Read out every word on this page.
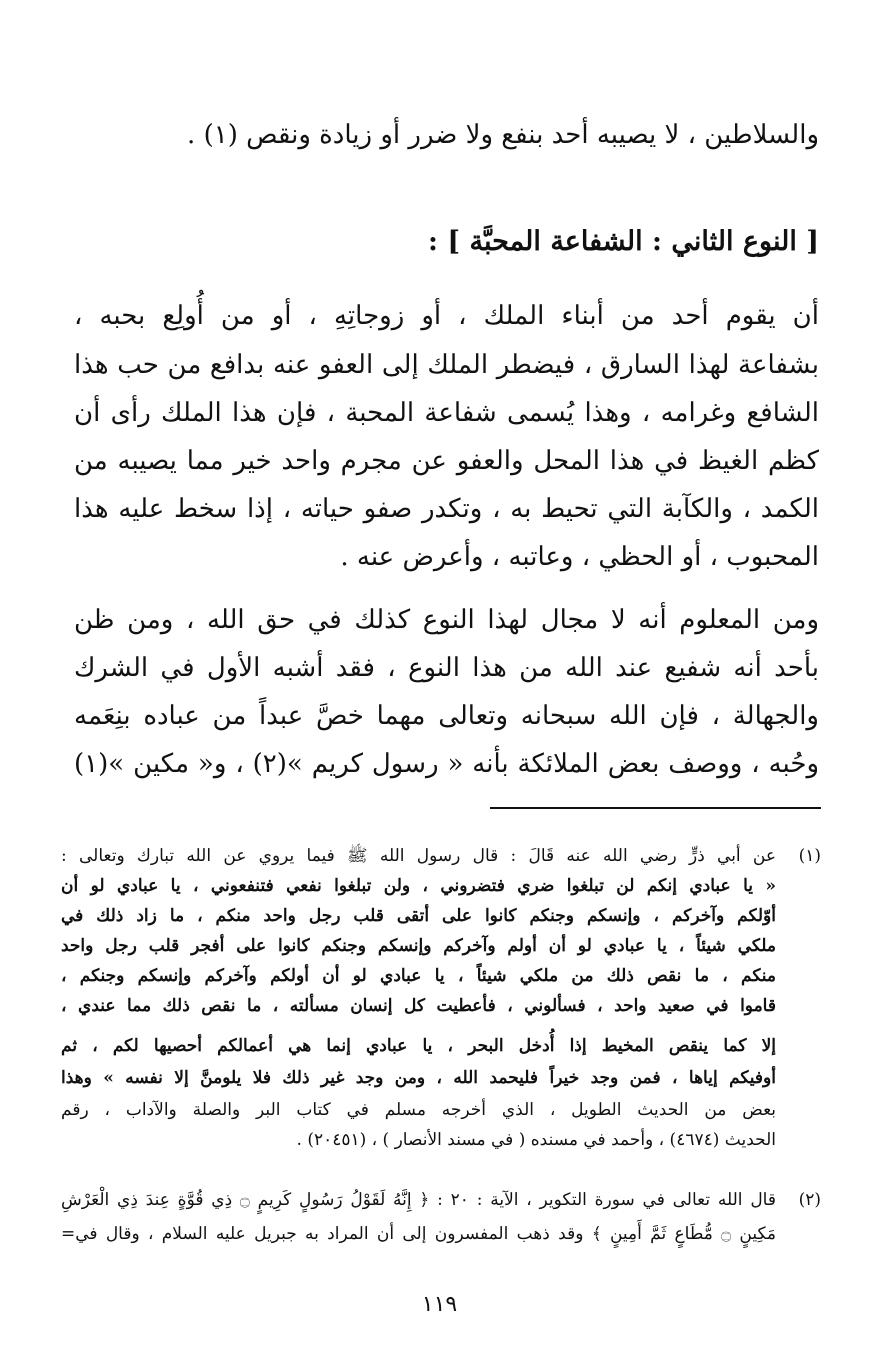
والسلاطين ، لا يصيبه أحد بنفع ولا ضرر أو زيادة ونقص (١) .
[ النوع الثاني : الشفاعة المحبَّة ] :
أن يقوم أحد من أبناء الملك ، أو زوجاتِهِ ، أو من أُولِع بحبه ،
بشفاعة لهذا السارق ، فيضطر الملك إلى العفو عنه بدافع من حب هذا
الشافع وغرامه ، وهذا يُسمى شفاعة المحبة ، فإن هذا الملك رأى أن
كظم الغيظ في هذا المحل والعفو عن مجرم واحد خير مما يصيبه من
الكمد ، والكآبة التي تحيط به ، وتكدر صفو حياته ، إذا سخط عليه هذا
المحبوب ، أو الحظي ، وعاتبه ، وأعرض عنه .
ومن المعلوم أنه لا مجال لهذا النوع كذلك في حق الله ، ومن ظن
بأحد أنه شفيع عند الله من هذا النوع ، فقد أشبه الأول في الشرك
والجهالة ، فإن الله سبحانه وتعالى مهما خصَّ عبداً من عباده بنِعَمه
وحُبه ، ووصف بعض الملائكة بأنه « رسول كريم »(٢) ، و« مكين »(١)
(١)
عن أبي ذرٍّ رضي الله عنه قَالَ : قال رسول الله ﷺ فيما يروي عن الله تبارك وتعالى :
« يا عبادي إنكم لن تبلغوا ضري فتضروني ، ولن تبلغوا نفعي فتنفعوني ، يا عبادي لو أن
أوّلكم وآخركم ، وإنسكم وجنكم كانوا على أتقى قلب رجل واحد منكم ، ما زاد ذلك في
ملكي شيئاً ، يا عبادي لو أن أولم وآخركم وإنسكم وجنكم كانوا على أفجر قلب رجل واحد
منكم ، ما نقص ذلك من ملكي شيئاً ، يا عبادي لو أن أولكم وآخركم وإنسكم وجنكم ،
قاموا في صعيد واحد ، فسألوني ، فأعطيت كل إنسان مسألته ، ما نقص ذلك مما عندي ،
إلا كما ينقص المخيط إذا أُدخل البحر ، يا عبادي إنما هي أعمالكم أحصيها لكم ، ثم
أوفيكم إياها ، فمن وجد خيراً فليحمد الله ، ومن وجد غير ذلك فلا يلومنَّ إلا نفسه » وهذا
بعض من الحديث الطويل ، الذي أخرجه مسلم في كتاب البر والصلة والآداب ، رقم
الحديث (٤٦٧٤) ، وأحمد في مسنده ( في مسند الأنصار ) ، (٢٠٤٥١) .
(٢)
قال الله تعالى في سورة التكوير ، الآية : ٢٠ : ﴿ إِنَّهُ لَقَوْلُ رَسُولٍ كَرِيمٍ ۝ ذِي قُوَّةٍ عِندَ ذِي الْعَرْشِ
مَكِينٍ ۝ مُّطَاعٍ ثَمَّ أَمِينٍ ﴾ وقد ذهب المفسرون إلى أن المراد به جبريل عليه السلام ، وقال في=
١١٩
